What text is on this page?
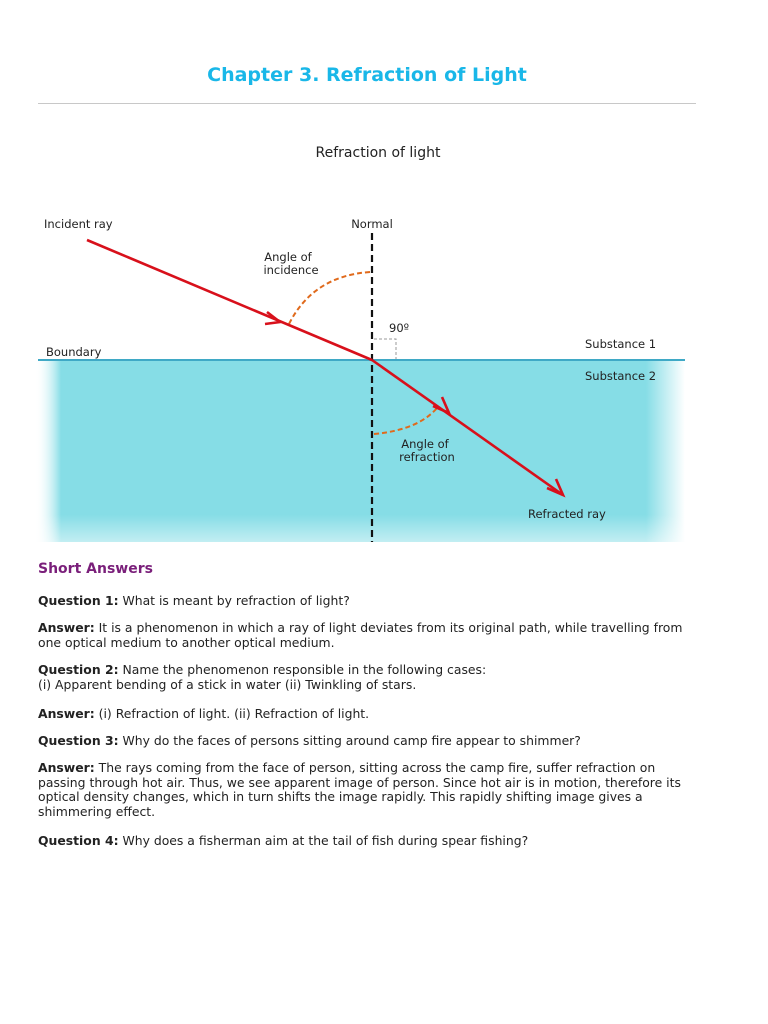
Chapter 3. Refraction of Light
Refraction of light
Incident ray	Normal
Angle of
incidence
90º
Boundary
Substance 1
Substance 2
Angle of
refraction
Refracted ray
Short Answers
Question 1: What is meant by refraction of light?
Answer: It is a phenomenon in which a ray of light deviates from its original path, while travelling from one optical medium to another optical medium.
Question 2: Name the phenomenon responsible in the following cases:
(i) Apparent bending of a stick in water (ii) Twinkling of stars.
Answer: (i) Refraction of light. (ii) Refraction of light.
Question 3: Why do the faces of persons sitting around camp fire appear to shimmer?
Answer: The rays coming from the face of person, sitting across the camp fire, suffer refraction on passing through hot air. Thus, we see apparent image of person. Since hot air is in motion, therefore its optical density changes, which in turn shifts the image rapidly. This rapidly shifting image gives a shimmering effect.
Question 4: Why does a fisherman aim at the tail of fish during spear fishing?
